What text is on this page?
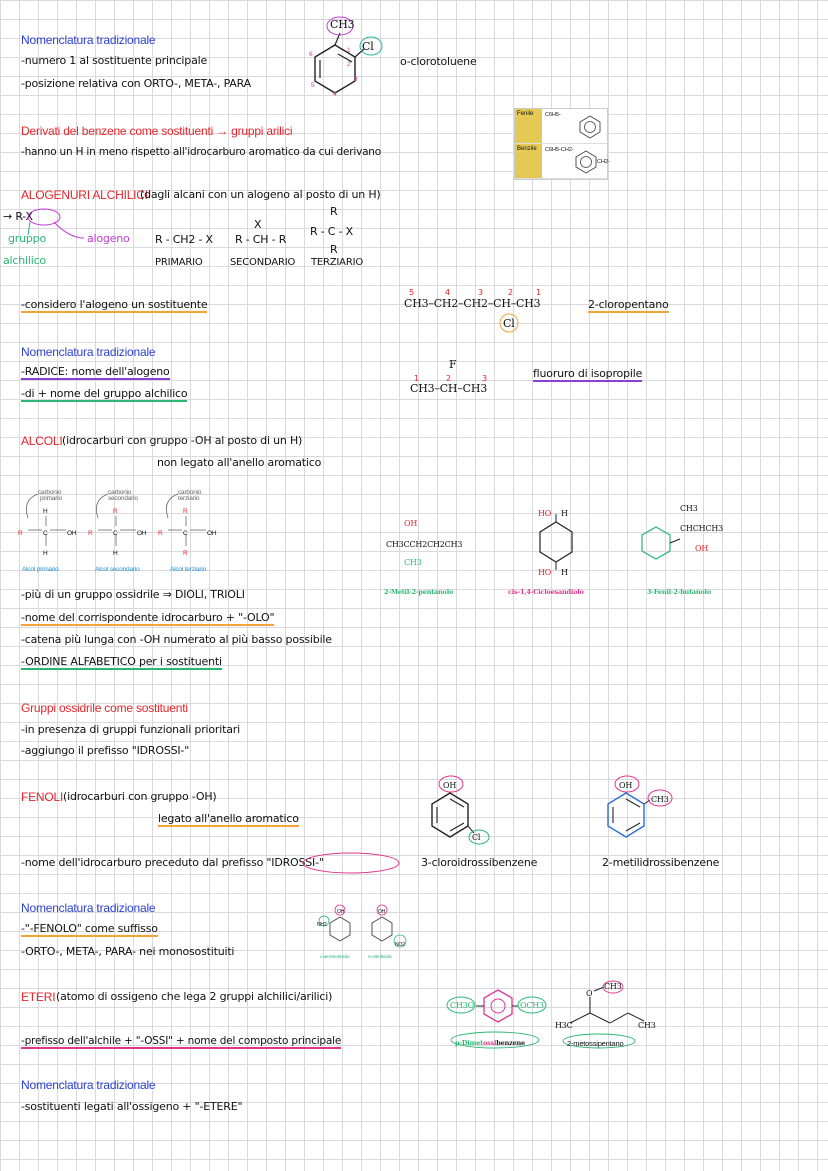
Nomenclatura tradizionale
-numero 1 al sostituente principale
-posizione relativa con ORTO-, META-, PARA
CH3
Cl
1
2
3
4
5
6
o-clorotoluene
Derivati del benzene come sostituenti → gruppi arilici
-hanno un H in meno rispetto all'idrocarburo aromatico da cui derivano
Fenile	C6H5-
Benzile	C6H5-CH2-
CH2-
ALOGENURI ALCHILICI
(dagli alcani con un alogeno al posto di un H)
→ R-X
gruppo
alchilico
alogeno R - CH2 - X
X
R - CH - R
R
R - C - X
R
PRIMARIO	SECONDARIO TERZIARIO
-considero l'alogeno un sostituente
5	4	3	2	1
CH3–CH2–CH2–CH–CH3
Cl
2-cloropentano
Nomenclatura tradizionale
-RADICE: nome dell'alogeno
-di + nome del gruppo alchilico
F
1	2	3
CH3–CH–CH3
fluoruro di isopropile
ALCOLI (idrocarburi con gruppo -OH al posto di un H)
non legato all'anello aromatico
carbonio
primario
carbonio
secondario
carbonio
terziario
H
R	C	OH
H
R
R	C	OH
H
R
R	C	OH
R
Alcol primario	Alcol secondario	Alcol terziario
OH
CH3CCH2CH2CH3
CH3
2-Metil-2-pentanolo
HO H
HO H
cis-1,4-Cicloesandiolo
CH3
CHCHCH3
OH
3-Fenil-2-butanolo
-più di un gruppo ossidrile ⇒ DIOLI, TRIOLI
-nome del corrispondente idrocarburo + "-OLO"
-catena più lunga con -OH numerato al più basso possibile
-ORDINE ALFABETICO per i sostituenti
Gruppi ossidrile come sostituenti
-in presenza di gruppi funzionali prioritari
-aggiungo il prefisso "IDROSSI-"
FENOLI (idrocarburi con gruppo -OH)
legato all'anello aromatico
-nome dell'idrocarburo preceduto dal prefisso "IDROSSI-"
OH
Cl
3-cloroidrossibenzene
OH
CH3
2-metilidrossibenzene
Nomenclatura tradizionale
-"-FENOLO" come suffisso
-ORTO-, META-, PARA- nei monosostituiti
OH
NH2
o-amminofenolo
OH
NO2
m-nitrofenolo
ETERI (atomo di ossigeno che lega 2 gruppi alchilici/arilici)
-prefisso dell'alchile + "-OSSI" + nome del composto principale
CH3O	OCH3
p-Dimetossibenzene
O
CH3
H3C	CH3
2-metossipentano
Nomenclatura tradizionale
-sostituenti legati all'ossigeno + "-ETERE"
